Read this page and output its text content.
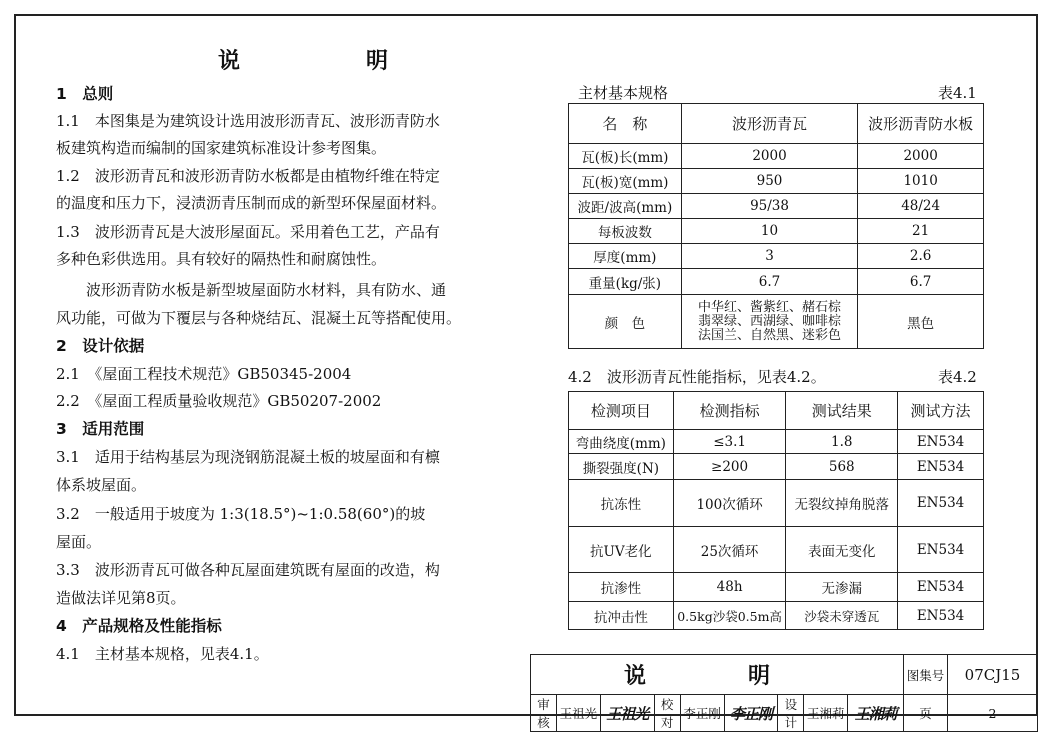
说　明
1　总则
1.1　本图集是为建筑设计选用波形沥青瓦、波形沥青防水
板建筑构造而编制的国家建筑标准设计参考图集。
1.2　波形沥青瓦和波形沥青防水板都是由植物纤维在特定
的温度和压力下，浸渍沥青压制而成的新型环保屋面材料。
1.3　波形沥青瓦是大波形屋面瓦。采用着色工艺，产品有
多种色彩供选用。具有较好的隔热性和耐腐蚀性。
波形沥青防水板是新型坡屋面防水材料，具有防水、通
风功能，可做为下覆层与各种烧结瓦、混凝土瓦等搭配使用。
2　设计依据
2.1　《屋面工程技术规范》GB50345-2004
2.2　《屋面工程质量验收规范》GB50207-2002
3　适用范围
3.1　适用于结构基层为现浇钢筋混凝土板的坡屋面和有檩
体系坡屋面。
3.2　一般适用于坡度为 1:3(18.5°)~1:0.58(60°)的坡
屋面。
3.3　波形沥青瓦可做各种瓦屋面建筑既有屋面的改造，构
造做法详见第8页。
4　产品规格及性能指标
4.1　主材基本规格，见表4.1。
主材基本规格	表4.1
名　称	波形沥青瓦	波形沥青防水板
瓦(板)长(mm)	2000	2000
瓦(板)宽(mm)	950	1010
波距/波高(mm)	95/38	48/24
每板波数	10	21
厚度(mm)	3	2.6
重量(kg/张)	6.7	6.7
颜　色	中华红、酱紫红、赭石棕
翡翠绿、西湖绿、咖啡棕
法国兰、自然黑、迷彩色	黑色
4.2　波形沥青瓦性能指标，见表4.2。	表4.2
检测项目	检测指标	测试结果	测试方法
弯曲绕度(mm)	≤3.1	1.8	EN534
撕裂强度(N)	≥200	568	EN534
抗冻性	100次循环	无裂纹掉角脱落	EN534
抗UV老化	25次循环	表面无变化	EN534
抗渗性	48h	无渗漏	EN534
抗冲击性	0.5kg沙袋0.5m高	沙袋未穿透瓦	EN534
说　明									图集号	07CJ15
审核	王祖光	王祖光	校对	李正刚	李正刚	设计	王湘莉	王湘莉	页	2
